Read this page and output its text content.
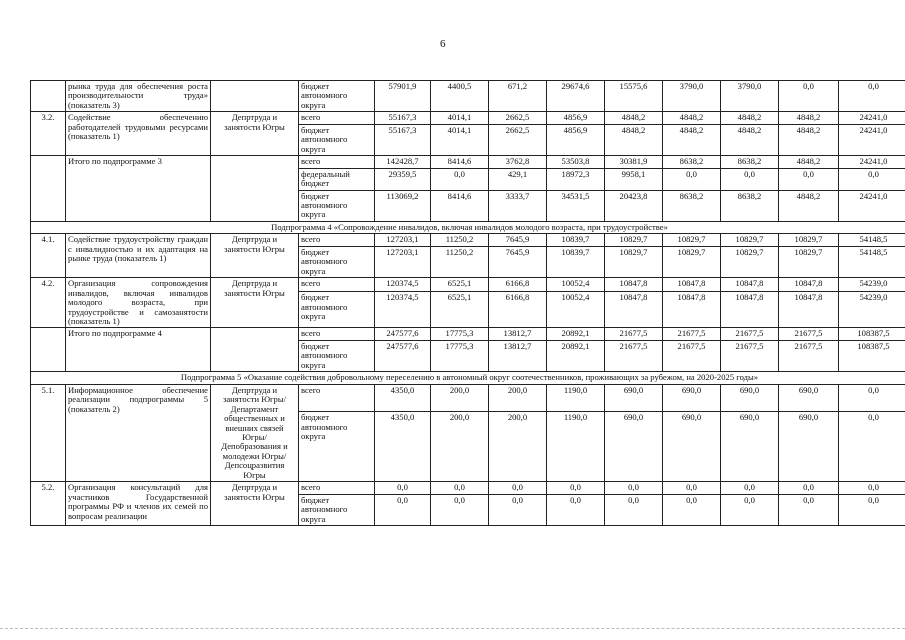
6
	рынка труда для обеспечения роста производительности труда» (показатель 3)		бюджет автономного округа	57901,9	4400,5	671,2	29674,6	15575,6	3790,0	3790,0	0,0	0,0
3.2.	Содействие обеспечению работодателей трудовыми ресурсами (показатель 1)	Депртруда и занятости Югры	всего	55167,3	4014,1	2662,5	4856,9	4848,2	4848,2	4848,2	4848,2	24241,0
			бюджет автономного округа	55167,3	4014,1	2662,5	4856,9	4848,2	4848,2	4848,2	4848,2	24241,0
	Итого по подпрограмме 3		всего	142428,7	8414,6	3762,8	53503,8	30381,9	8638,2	8638,2	4848,2	24241,0
			федеральный бюджет	29359,5	0,0	429,1	18972,3	9958,1	0,0	0,0	0,0	0,0
			бюджет автономного округа	113069,2	8414,6	3333,7	34531,5	20423,8	8638,2	8638,2	4848,2	24241,0
Подпрограмма 4 «Сопровождение инвалидов, включая инвалидов молодого возраста, при трудоустройстве»												
4.1.	Содействие трудоустройству граждан с инвалидностью и их адаптация на рынке труда (показатель 1)	Депртруда и занятости Югры	всего	127203,1	11250,2	7645,9	10839,7	10829,7	10829,7	10829,7	10829,7	54148,5
			бюджет автономного округа	127203,1	11250,2	7645,9	10839,7	10829,7	10829,7	10829,7	10829,7	54148,5
4.2.	Организация сопровождения инвалидов, включая инвалидов молодого возраста, при трудоустройстве и самозанятости (показатель 1)	Депртруда и занятости Югры	всего	120374,5	6525,1	6166,8	10052,4	10847,8	10847,8	10847,8	10847,8	54239,0
			бюджет автономного округа	120374,5	6525,1	6166,8	10052,4	10847,8	10847,8	10847,8	10847,8	54239,0
	Итого по подпрограмме 4		всего	247577,6	17775,3	13812,7	20892,1	21677,5	21677,5	21677,5	21677,5	108387,5
			бюджет автономного округа	247577,6	17775,3	13812,7	20892,1	21677,5	21677,5	21677,5	21677,5	108387,5
Подпрограмма 5 «Оказание содействия добровольному переселению в автономный округ соотечественников, проживающих за рубежом, на 2020-2025 годы»												
5.1.	Информационное обеспечение реализации подпрограммы 5 (показатель 2)	Депртруда и занятости Югры/ Департамент общественных и внешних связей Югры/Депобразования и молодежи Югры/ Депсоцразвития Югры	всего	4350,0	200,0	200,0	1190,0	690,0	690,0	690,0	690,0	0,0
			бюджет автономного округа	4350,0	200,0	200,0	1190,0	690,0	690,0	690,0	690,0	0,0
5.2.	Организация консультаций для участников Государственной программы РФ и членов их семей по вопросам реализации	Депртруда и занятости Югры	всего	0,0	0,0	0,0	0,0	0,0	0,0	0,0	0,0	0,0
			бюджет автономного округа	0,0	0,0	0,0	0,0	0,0	0,0	0,0	0,0	0,0
